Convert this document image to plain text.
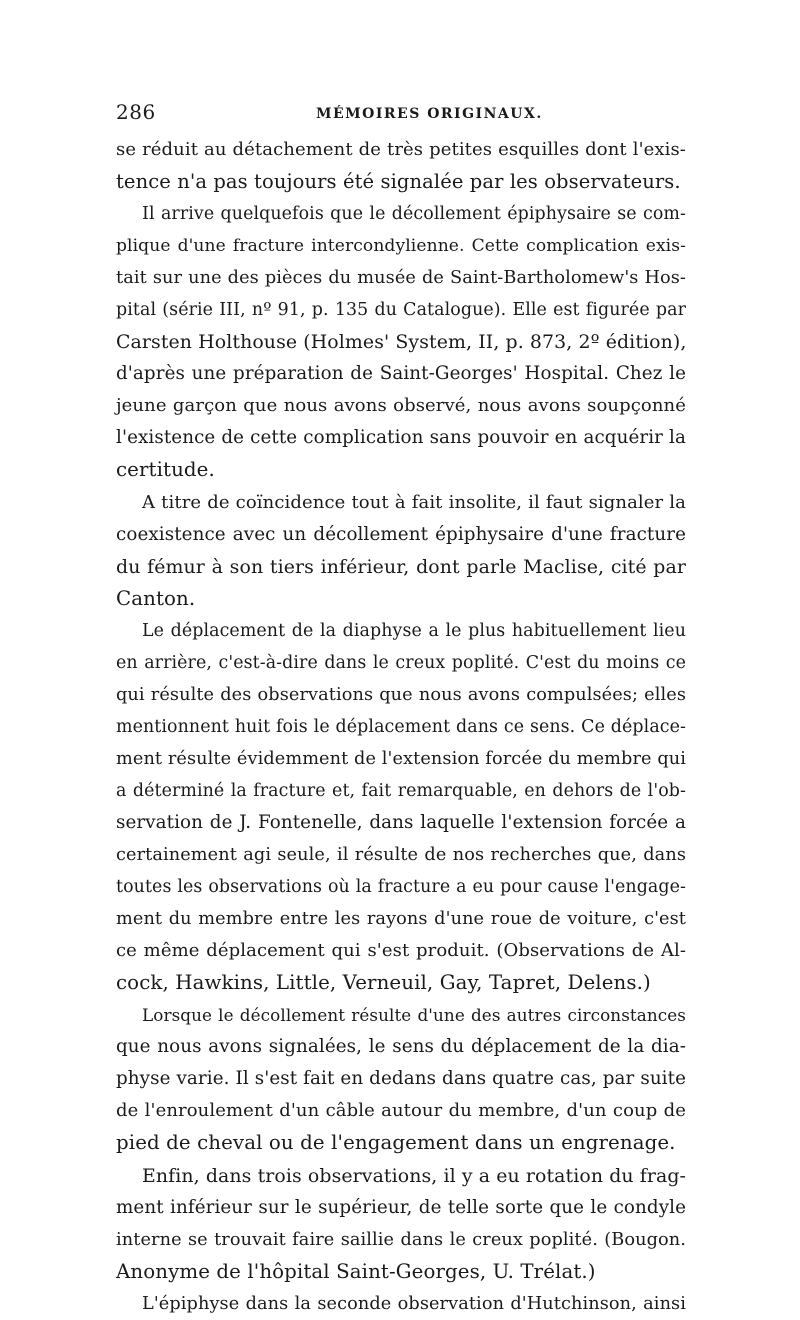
286	MÉMOIRES ORIGINAUX.
se réduit au détachement de très petites esquilles dont l'exis-
tence n'a pas toujours été signalée par les observateurs.
Il arrive quelquefois que le décollement épiphysaire se com-
plique d'une fracture intercondylienne. Cette complication exis-
tait sur une des pièces du musée de Saint-Bartholomew's Hos-
pital (série III, nº 91, p. 135 du Catalogue). Elle est figurée par
Carsten Holthouse (Holmes' System, II, p. 873, 2º édition),
d'après une préparation de Saint-Georges' Hospital. Chez le
jeune garçon que nous avons observé, nous avons soupçonné
l'existence de cette complication sans pouvoir en acquérir la
certitude.
A titre de coïncidence tout à fait insolite, il faut signaler la
coexistence avec un décollement épiphysaire d'une fracture
du fémur à son tiers inférieur, dont parle Maclise, cité par
Canton.
Le déplacement de la diaphyse a le plus habituellement lieu
en arrière, c'est-à-dire dans le creux poplité. C'est du moins ce
qui résulte des observations que nous avons compulsées; elles
mentionnent huit fois le déplacement dans ce sens. Ce déplace-
ment résulte évidemment de l'extension forcée du membre qui
a déterminé la fracture et, fait remarquable, en dehors de l'ob-
servation de J. Fontenelle, dans laquelle l'extension forcée a
certainement agi seule, il résulte de nos recherches que, dans
toutes les observations où la fracture a eu pour cause l'engage-
ment du membre entre les rayons d'une roue de voiture, c'est
ce même déplacement qui s'est produit. (Observations de Al-
cock, Hawkins, Little, Verneuil, Gay, Tapret, Delens.)
Lorsque le décollement résulte d'une des autres circonstances
que nous avons signalées, le sens du déplacement de la dia-
physe varie. Il s'est fait en dedans dans quatre cas, par suite
de l'enroulement d'un câble autour du membre, d'un coup de
pied de cheval ou de l'engagement dans un engrenage.
Enfin, dans trois observations, il y a eu rotation du frag-
ment inférieur sur le supérieur, de telle sorte que le condyle
interne se trouvait faire saillie dans le creux poplité. (Bougon.
Anonyme de l'hôpital Saint-Georges, U. Trélat.)
L'épiphyse dans la seconde observation d'Hutchinson, ainsi
